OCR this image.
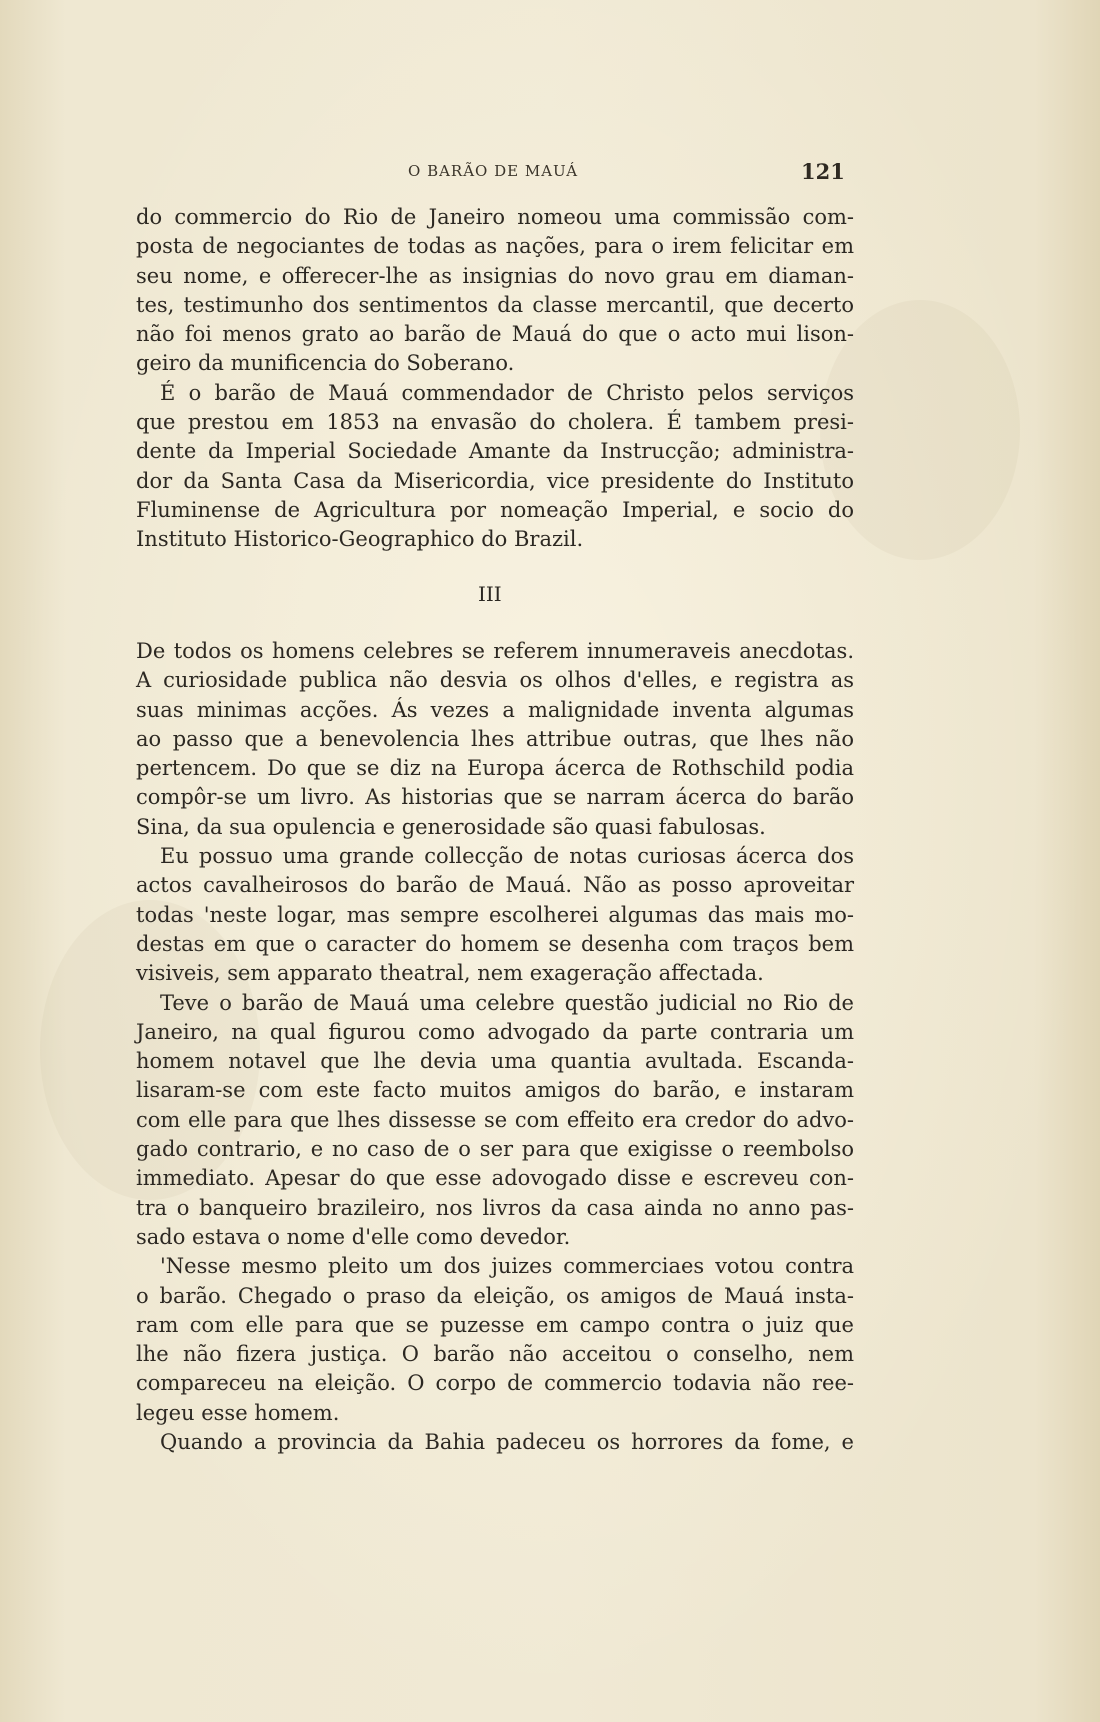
O BARÃO DE MAUÁ	121
do commercio do Rio de Janeiro nomeou uma commissão com-
posta de negociantes de todas as nações, para o irem felicitar em
seu nome, e offerecer-lhe as insignias do novo grau em diaman-
tes, testimunho dos sentimentos da classe mercantil, que decerto
não foi menos grato ao barão de Mauá do que o acto mui lison-
geiro da munificencia do Soberano.
É o barão de Mauá commendador de Christo pelos serviços
que prestou em 1853 na envasão do cholera. É tambem presi-
dente da Imperial Sociedade Amante da Instrucção; administra-
dor da Santa Casa da Misericordia, vice presidente do Instituto
Fluminense de Agricultura por nomeação Imperial, e socio do
Instituto Historico-Geographico do Brazil.
III
De todos os homens celebres se referem innumeraveis anecdotas.
A curiosidade publica não desvia os olhos d'elles, e registra as
suas minimas acções. Ás vezes a malignidade inventa algumas
ao passo que a benevolencia lhes attribue outras, que lhes não
pertencem. Do que se diz na Europa ácerca de Rothschild podia
compôr-se um livro. As historias que se narram ácerca do barão
Sina, da sua opulencia e generosidade são quasi fabulosas.
Eu possuo uma grande collecção de notas curiosas ácerca dos
actos cavalheirosos do barão de Mauá. Não as posso aproveitar
todas 'neste logar, mas sempre escolherei algumas das mais mo-
destas em que o caracter do homem se desenha com traços bem
visiveis, sem apparato theatral, nem exageração affectada.
Teve o barão de Mauá uma celebre questão judicial no Rio de
Janeiro, na qual figurou como advogado da parte contraria um
homem notavel que lhe devia uma quantia avultada. Escanda-
lisaram-se com este facto muitos amigos do barão, e instaram
com elle para que lhes dissesse se com effeito era credor do advo-
gado contrario, e no caso de o ser para que exigisse o reembolso
immediato. Apesar do que esse adovogado disse e escreveu con-
tra o banqueiro brazileiro, nos livros da casa ainda no anno pas-
sado estava o nome d'elle como devedor.
'Nesse mesmo pleito um dos juizes commerciaes votou contra
o barão. Chegado o praso da eleição, os amigos de Mauá insta-
ram com elle para que se puzesse em campo contra o juiz que
lhe não fizera justiça. O barão não acceitou o conselho, nem
compareceu na eleição. O corpo de commercio todavia não ree-
legeu esse homem.
Quando a provincia da Bahia padeceu os horrores da fome, e
